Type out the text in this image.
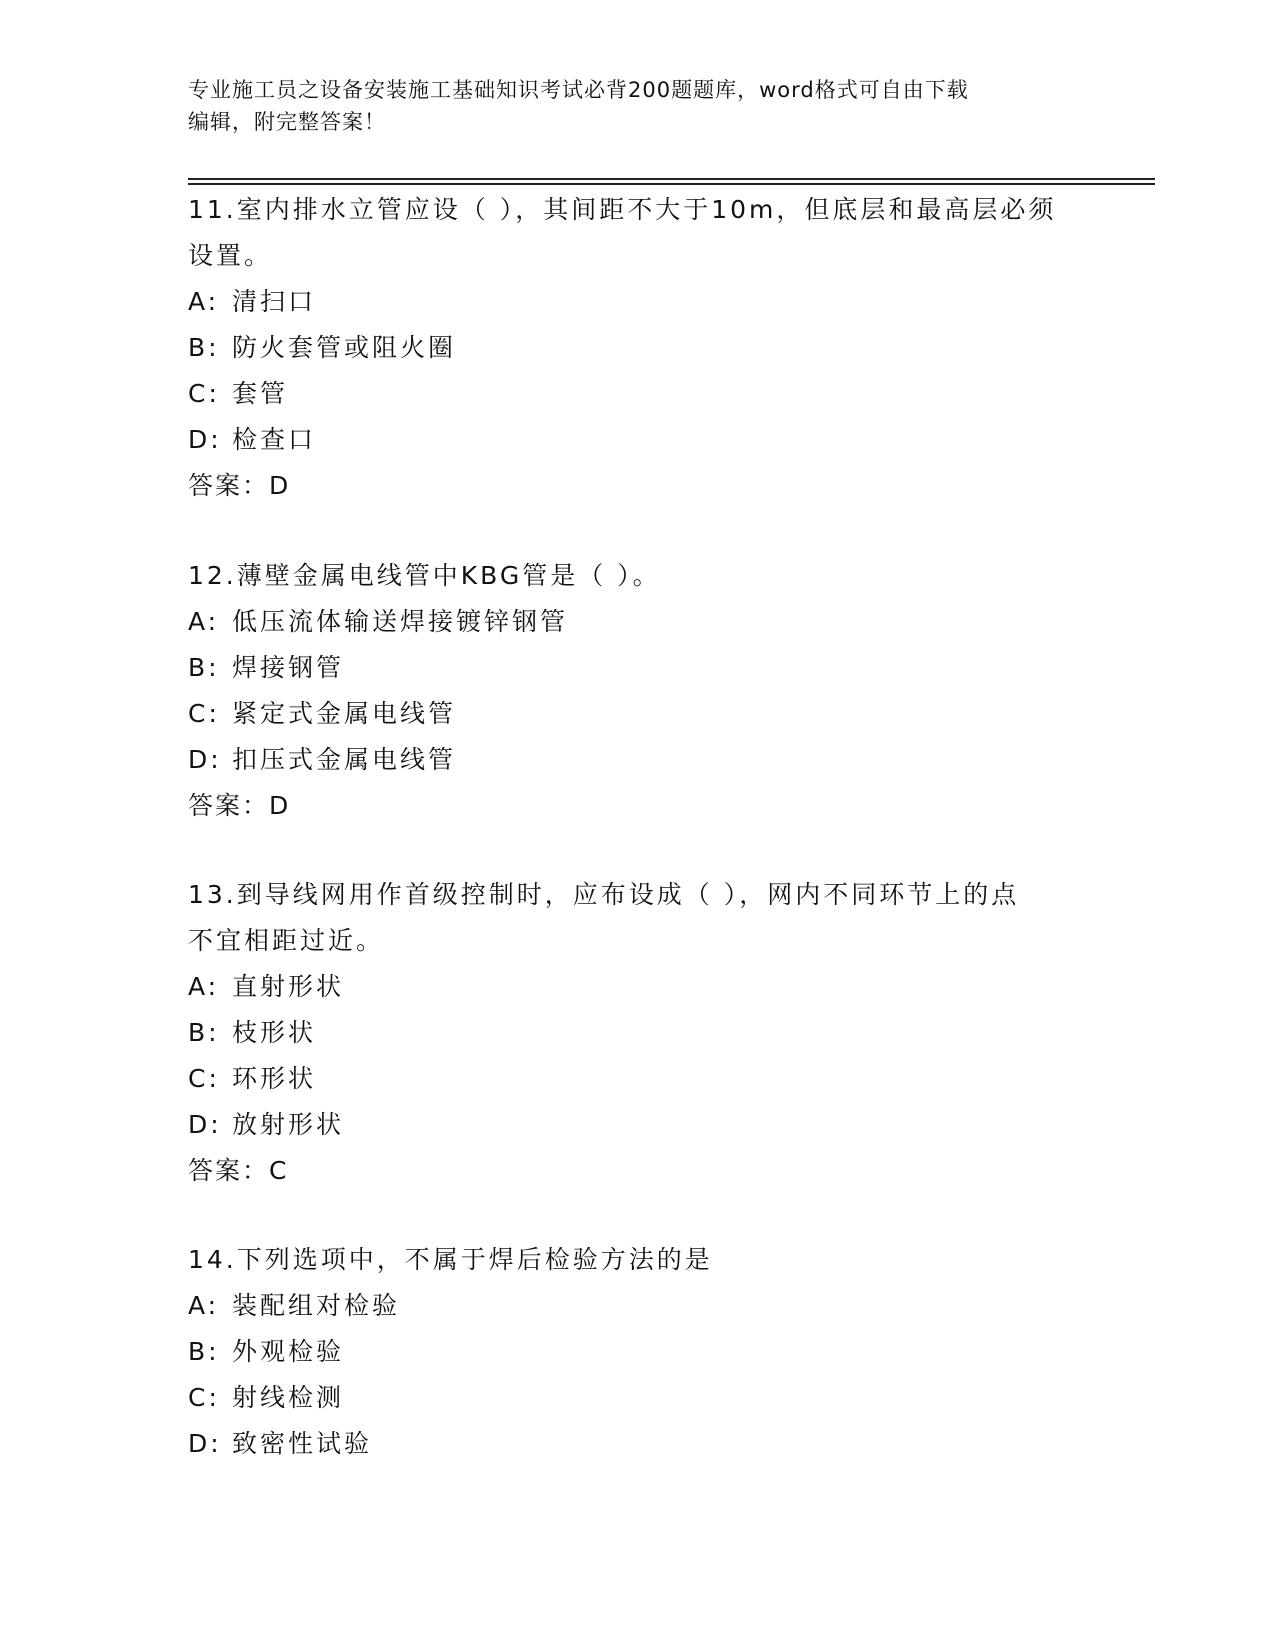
专业施工员之设备安装施工基础知识考试必背200题题库，word格式可自由下载
编辑，附完整答案！
11.室内排水立管应设（ ），其间距不大于10m，但底层和最高层必须
设置。
A: 清扫口
B: 防火套管或阻火圈
C: 套管
D: 检查口
答案：D
12.薄壁金属电线管中KBG管是（ ）。
A: 低压流体输送焊接镀锌钢管
B: 焊接钢管
C: 紧定式金属电线管
D: 扣压式金属电线管
答案：D
13.到导线网用作首级控制时，应布设成（ ），网内不同环节上的点
不宜相距过近。
A: 直射形状
B: 枝形状
C: 环形状
D: 放射形状
答案：C
14.下列选项中，不属于焊后检验方法的是
A: 装配组对检验
B: 外观检验
C: 射线检测
D: 致密性试验
